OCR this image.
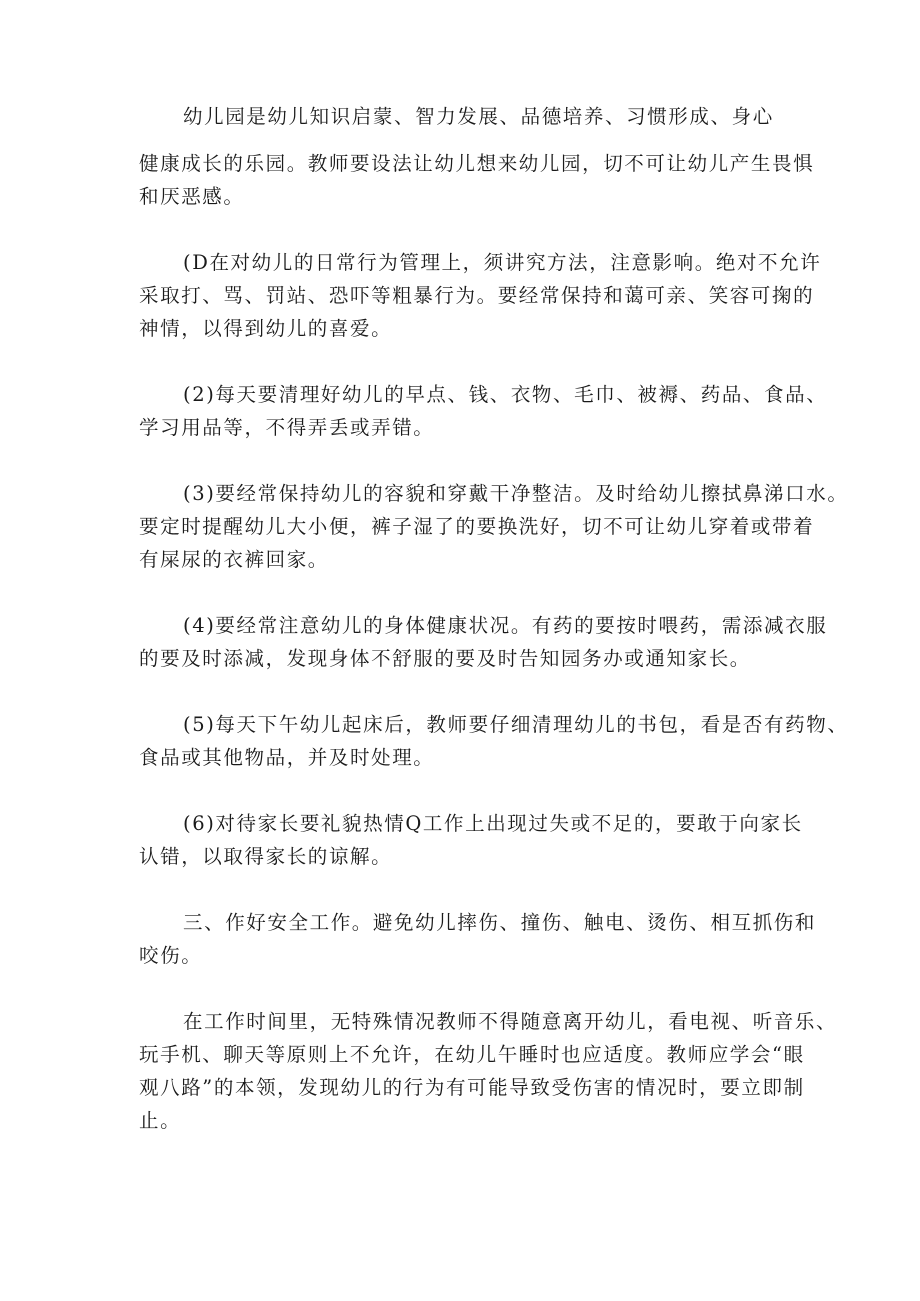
幼儿园是幼儿知识启蒙、智力发展、品德培养、习惯形成、身心
健康成长的乐园。教师要设法让幼儿想来幼儿园，切不可让幼儿产生畏惧
和厌恶感。
(D在对幼儿的日常行为管理上，须讲究方法，注意影响。绝对不允许
采取打、骂、罚站、恐吓等粗暴行为。要经常保持和蔼可亲、笑容可掬的
神情，以得到幼儿的喜爱。
(2)每天要清理好幼儿的早点、钱、衣物、毛巾、被褥、药品、食品、
学习用品等，不得弄丢或弄错。
(3)要经常保持幼儿的容貌和穿戴干净整洁。及时给幼儿擦拭鼻涕口水。
要定时提醒幼儿大小便，裤子湿了的要换洗好，切不可让幼儿穿着或带着
有屎尿的衣裤回家。
(4)要经常注意幼儿的身体健康状况。有药的要按时喂药，需添减衣服
的要及时添减，发现身体不舒服的要及时告知园务办或通知家长。
(5)每天下午幼儿起床后，教师要仔细清理幼儿的书包，看是否有药物、
食品或其他物品，并及时处理。
(6)对待家长要礼貌热情Q工作上出现过失或不足的，要敢于向家长
认错，以取得家长的谅解。
三、作好安全工作。避免幼儿摔伤、撞伤、触电、烫伤、相互抓伤和
咬伤。
在工作时间里，无特殊情况教师不得随意离开幼儿，看电视、听音乐、
玩手机、聊天等原则上不允许，在幼儿午睡时也应适度。教师应学会“眼
观八路”的本领，发现幼儿的行为有可能导致受伤害的情况时，要立即制
止。
